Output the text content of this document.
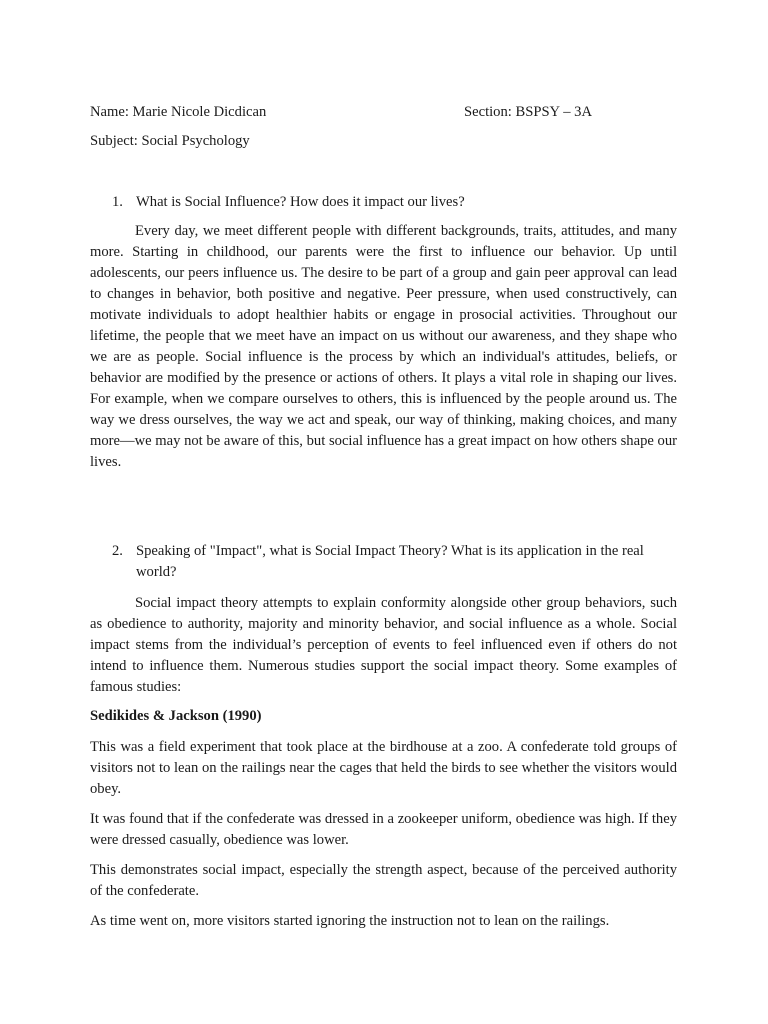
Name: Marie Nicole Dicdican	Section: BSPSY – 3A
Subject: Social Psychology
1. What is Social Influence? How does it impact our lives?

Every day, we meet different people with different backgrounds, traits, attitudes, and many more. Starting in childhood, our parents were the first to influence our behavior. Up until adolescents, our peers influence us. The desire to be part of a group and gain peer approval can lead to changes in behavior, both positive and negative. Peer pressure, when used constructively, can motivate individuals to adopt healthier habits or engage in prosocial activities. Throughout our lifetime, the people that we meet have an impact on us without our awareness, and they shape who we are as people. Social influence is the process by which an individual's attitudes, beliefs, or behavior are modified by the presence or actions of others. It plays a vital role in shaping our lives. For example, when we compare ourselves to others, this is influenced by the people around us. The way we dress ourselves, the way we act and speak, our way of thinking, making choices, and many more—we may not be aware of this, but social influence has a great impact on how others shape our lives.

2. Speaking of "Impact", what is Social Impact Theory? What is its application in the real world?

Social impact theory attempts to explain conformity alongside other group behaviors, such as obedience to authority, majority and minority behavior, and social influence as a whole. Social impact stems from the individual’s perception of events to feel influenced even if others do not intend to influence them. Numerous studies support the social impact theory. Some examples of famous studies:

Sedikides & Jackson (1990)

This was a field experiment that took place at the birdhouse at a zoo. A confederate told groups of visitors not to lean on the railings near the cages that held the birds to see whether the visitors would obey.

It was found that if the confederate was dressed in a zookeeper uniform, obedience was high. If they were dressed casually, obedience was lower.

This demonstrates social impact, especially the strength aspect, because of the perceived authority of the confederate.

As time went on, more visitors started ignoring the instruction not to lean on the railings.
